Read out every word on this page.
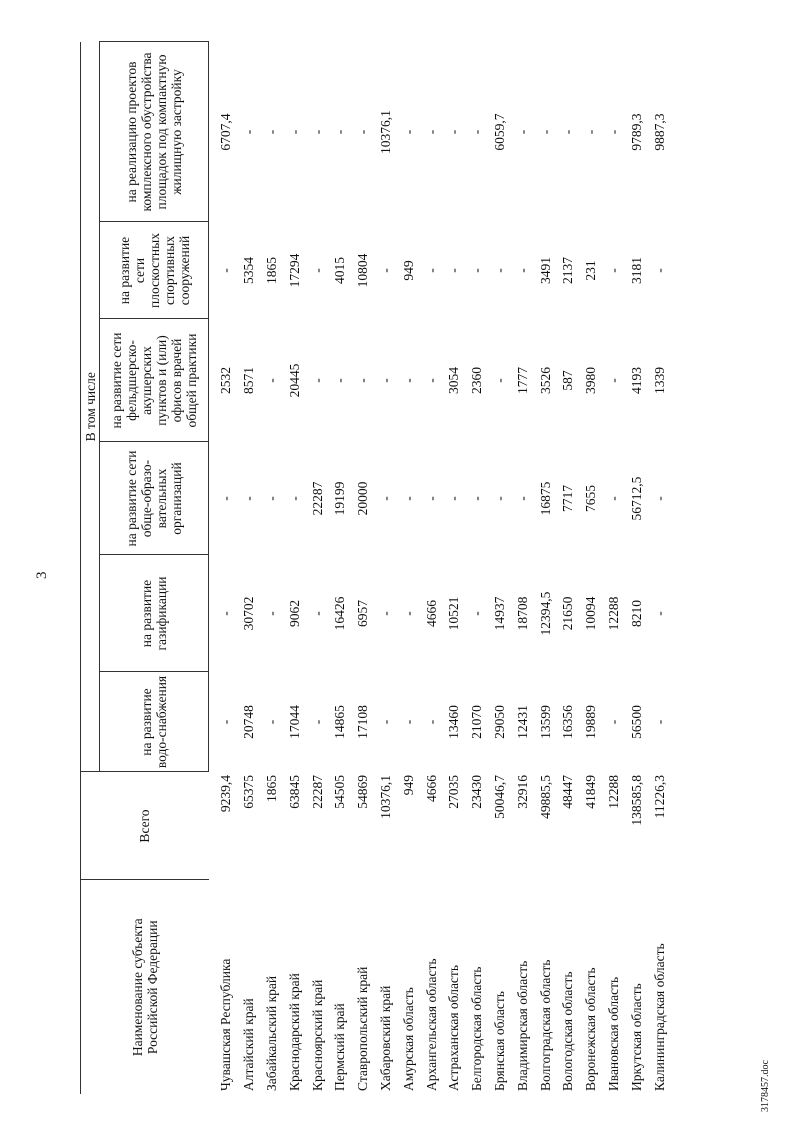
3
Наименование субъекта Российской Федерации	Всего	В том числе					
		на развитие водо-снабжения	на развитие газификации	на развитие сети обще-образо-вательных организаций	на развитие сети фельдшерско-акушерских пунктов и (или) офисов врачей общей практики	на развитие сети плоскостных спортивных сооружений	на реализацию проектов комплексного обустройства площадок под компактную жилищную застройку
Чувашская Республика	9239,4	-	-	-	2532	-	6707,4
Алтайский край	65375	20748	30702	-	8571	5354	-
Забайкальский край	1865	-	-	-	-	1865	-
Краснодарский край	63845	17044	9062	-	20445	17294	-
Красноярский край	22287	-	-	22287	-	-	-
Пермский край	54505	14865	16426	19199	-	4015	-
Ставропольский край	54869	17108	6957	20000	-	10804	-
Хабаровский край	10376,1	-	-	-	-	-	10376,1
Амурская область	949	-	-	-	-	949	-
Архангельская область	4666	-	4666	-	-	-	-
Астраханская область	27035	13460	10521	-	3054	-	-
Белгородская область	23430	21070	-	-	2360	-	-
Брянская область	50046,7	29050	14937	-	-	-	6059,7
Владимирская область	32916	12431	18708	-	1777	-	-
Волгоградская область	49885,5	13599	12394,5	16875	3526	3491	-
Вологодская область	48447	16356	21650	7717	587	2137	-
Воронежская область	41849	19889	10094	7655	3980	231	-
Ивановская область	12288	-	12288	-	-	-	-
Иркутская область	138585,8	56500	8210	56712,5	4193	3181	9789,3
Калининградская область	11226,3	-	-	-	1339	-	9887,3
3178457.doc
